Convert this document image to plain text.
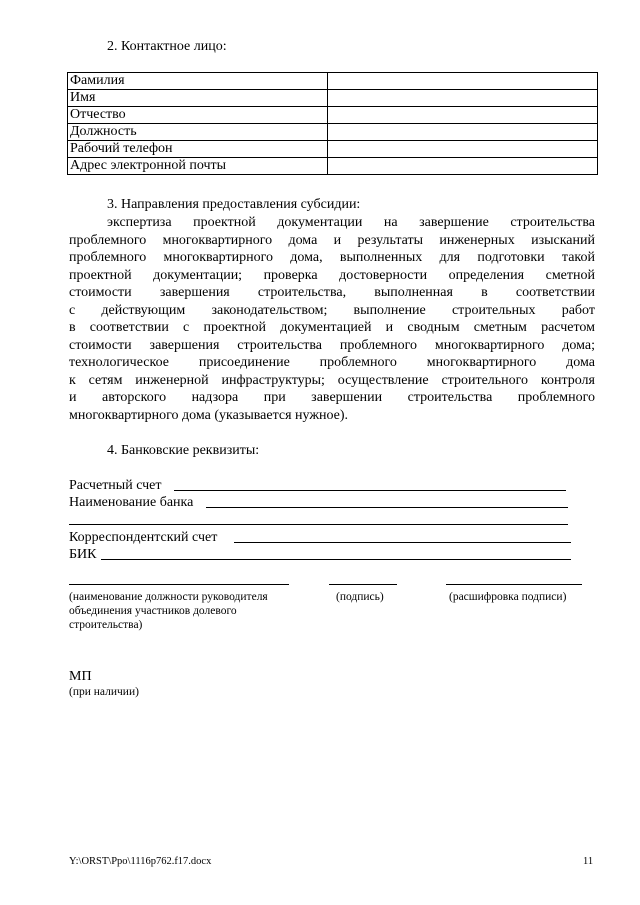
2. Контактное лицо:
Фамилия	
Имя	
Отчество	
Должность	
Рабочий телефон	
Адрес электронной почты	
3. Направления предоставления субсидии:
экспертиза проектной документации на завершение строительства
проблемного многоквартирного дома и результаты инженерных изысканий
проблемного многоквартирного дома, выполненных для подготовки такой
проектной документации; проверка достоверности определения сметной
стоимости завершения строительства, выполненная в соответствии
с действующим законодательством; выполнение строительных работ
в соответствии с проектной документацией и сводным сметным расчетом
стоимости завершения строительства проблемного многоквартирного дома;
технологическое присоединение проблемного многоквартирного дома
к сетям инженерной инфраструктуры; осуществление строительного контроля
и авторского надзора при завершении строительства проблемного
многоквартирного дома (указывается нужное).
4. Банковские реквизиты:
Расчетный счет
Наименование банка
Корреспондентский счет
БИК
(наименование должности руководителя
объединения участников долевого
строительства)
(подпись)	(расшифровка подписи)
МП
(при наличии)
Y:\ORST\Ppo\1116p762.f17.docx	11
